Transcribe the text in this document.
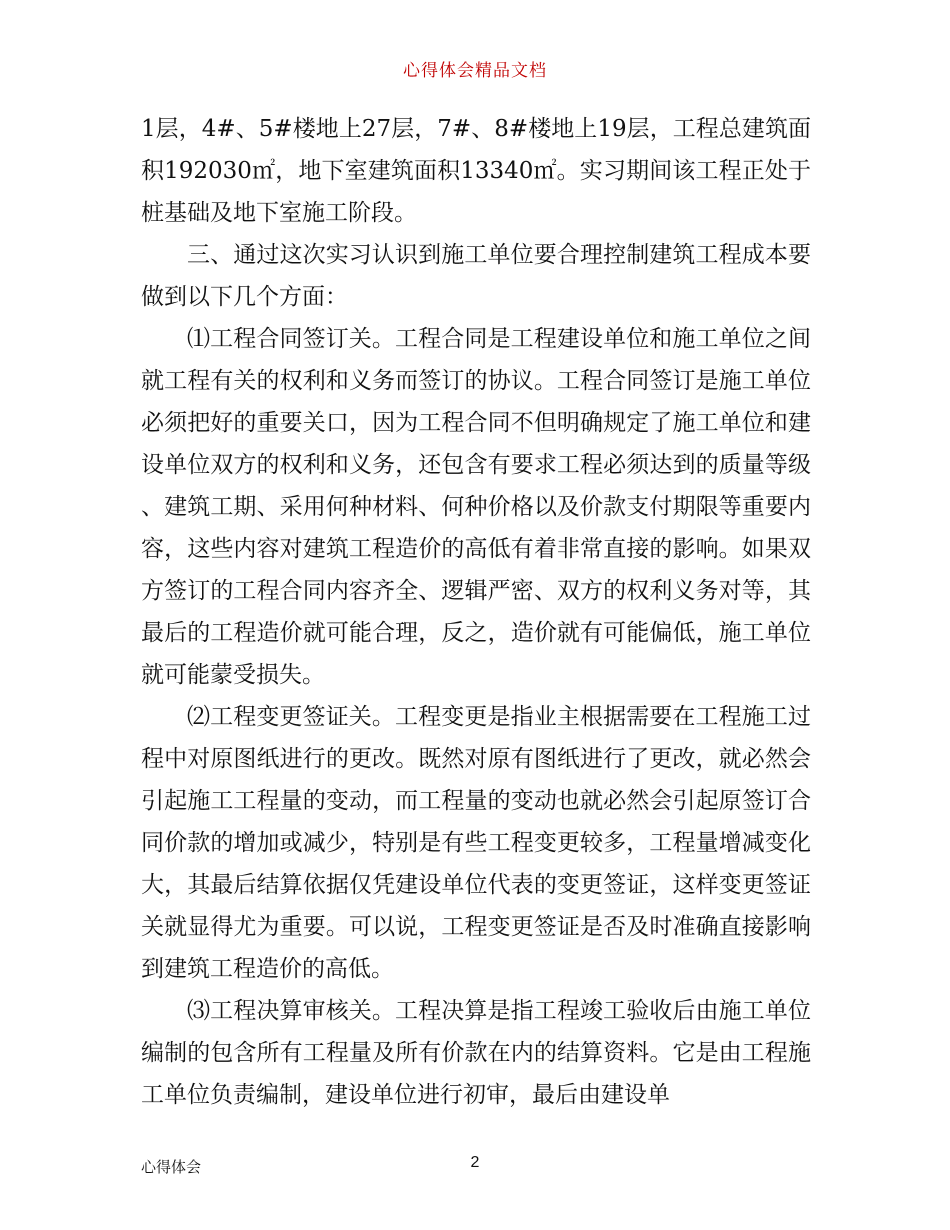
心得体会精品文档

1层，4#、5#楼地上27层，7#、8#楼地上19层，工程总建筑面积192030㎡，地下室建筑面积13340㎡。实习期间该工程正处于桩基础及地下室施工阶段。

三、通过这次实习认识到施工单位要合理控制建筑工程成本要做到以下几个方面：

⑴工程合同签订关。工程合同是工程建设单位和施工单位之间就工程有关的权利和义务而签订的协议。工程合同签订是施工单位必须把好的重要关口，因为工程合同不但明确规定了施工单位和建设单位双方的权利和义务，还包含有要求工程必须达到的质量等级、建筑工期、采用何种材料、何种价格以及价款支付期限等重要内容，这些内容对建筑工程造价的高低有着非常直接的影响。如果双方签订的工程合同内容齐全、逻辑严密、双方的权利义务对等，其最后的工程造价就可能合理，反之，造价就有可能偏低，施工单位就可能蒙受损失。

⑵工程变更签证关。工程变更是指业主根据需要在工程施工过程中对原图纸进行的更改。既然对原有图纸进行了更改，就必然会引起施工工程量的变动，而工程量的变动也就必然会引起原签订合同价款的增加或减少，特别是有些工程变更较多，工程量增减变化大，其最后结算依据仅凭建设单位代表的变更签证，这样变更签证关就显得尤为重要。可以说，工程变更签证是否及时准确直接影响到建筑工程造价的高低。

⑶工程决算审核关。工程决算是指工程竣工验收后由施工单位编制的包含所有工程量及所有价款在内的结算资料。它是由工程施工单位负责编制，建设单位进行初审，最后由建设单

心得体会	2
